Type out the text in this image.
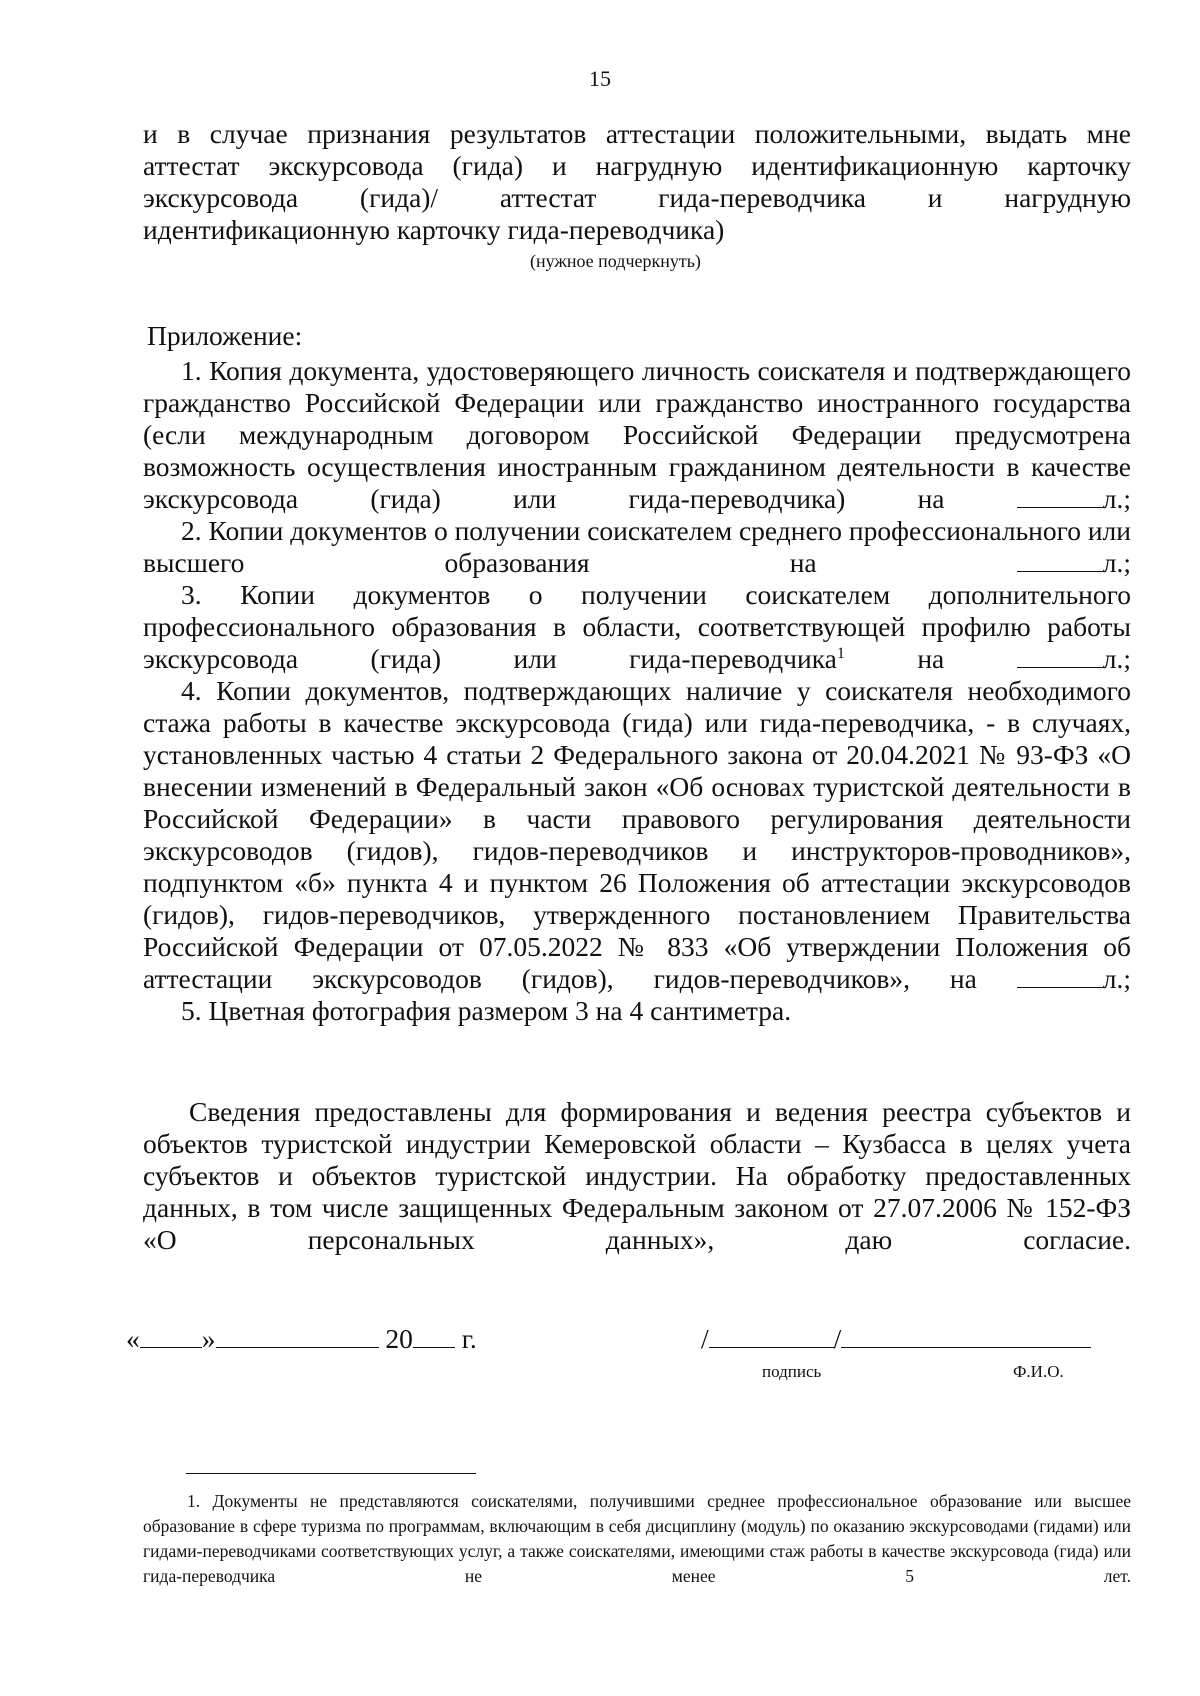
15
и в случае признания результатов аттестации положительными, выдать мне
аттестат экскурсовода (гида) и нагрудную идентификационную карточку
экскурсовода (гида)/ аттестат гида-переводчика и нагрудную
идентификационную карточку гида-переводчика)
(нужное подчеркнуть)
Приложение:
1. Копия документа, удостоверяющего личность соискателя и подтверждающего гражданство Российской Федерации или гражданство иностранного государства (если международным договором Российской Федерации предусмотрена возможность осуществления иностранным гражданином деятельности в качестве экскурсовода (гида) или гида-переводчика) на	л.;
2. Копии документов о получении соискателем среднего профессионального или высшего образования на	л.;
3. Копии документов о получении соискателем дополнительного профессионального образования в области, соответствующей профилю работы экскурсовода (гида) или гида-переводчика$^1$ на	л.;
4. Копии документов, подтверждающих наличие у соискателя необходимого стажа работы в качестве экскурсовода (гида) или гида-переводчика, - в случаях, установленных частью 4 статьи 2 Федерального закона от 20.04.2021 № 93-ФЗ «О внесении изменений в Федеральный закон «Об основах туристской деятельности в Российской Федерации» в части правового регулирования деятельности экскурсоводов (гидов), гидов-переводчиков и инструкторов-проводников», подпунктом «б» пункта 4 и пунктом 26 Положения об аттестации экскурсоводов (гидов), гидов-переводчиков, утвержденного постановлением Правительства Российской Федерации от 07.05.2022 № 833 «Об утверждении Положения об аттестации экскурсоводов (гидов), гидов-переводчиков», на	л.;
5. Цветная фотография размером 3 на 4 сантиметра.
Сведения предоставлены для формирования и ведения реестра субъектов и объектов туристской индустрии Кемеровской области – Кузбасса в целях учета субъектов и объектов туристской индустрии. На обработку предоставленных данных, в том числе защищенных Федеральным законом от 27.07.2006 № 152-ФЗ «О персональных данных», даю согласие.
« »	20 г.	/	/
подпись	Ф.И.О.
1. Документы не представляются соискателями, получившими среднее профессиональное образование или высшее образование в сфере туризма по программам, включающим в себя дисциплину (модуль) по оказанию экскурсоводами (гидами) или гидами-переводчиками соответствующих услуг, а также соискателями, имеющими стаж работы в качестве экскурсовода (гида) или гида-переводчика не менее 5 лет.
